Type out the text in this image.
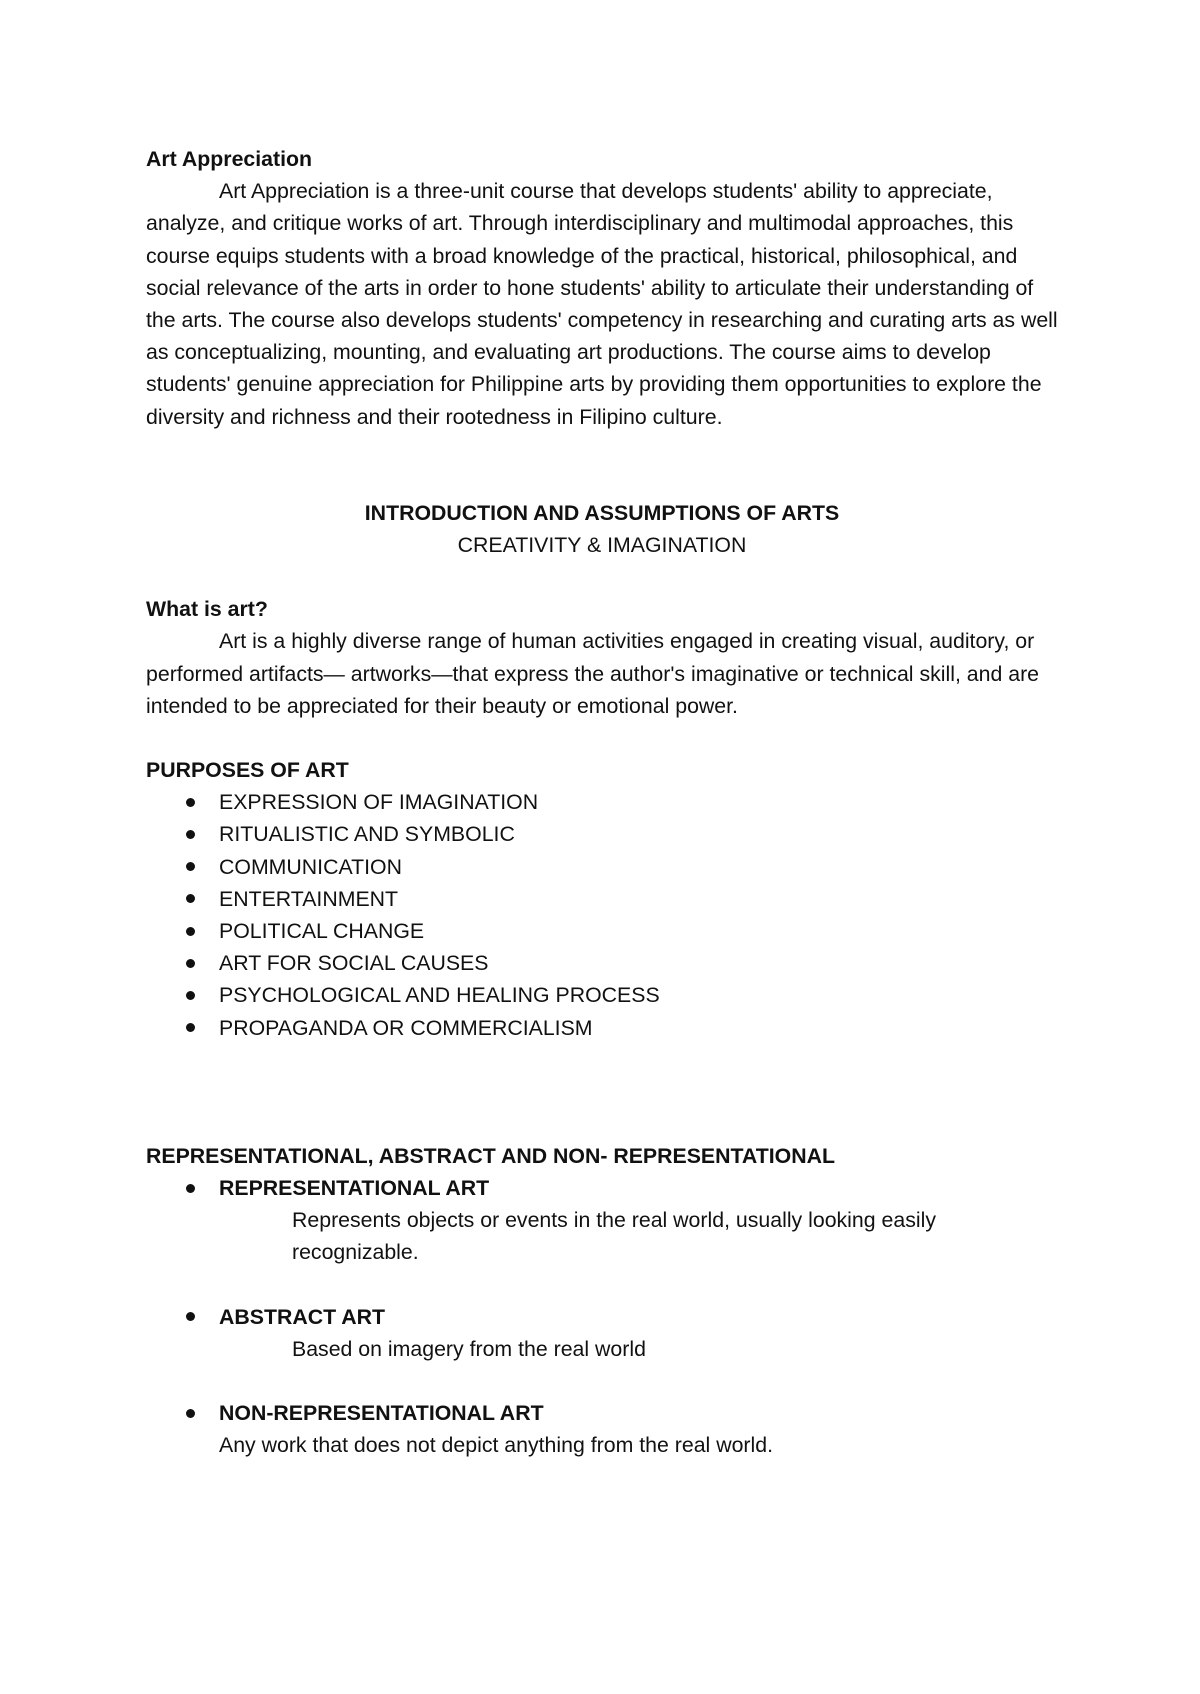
Art Appreciation

Art Appreciation is a three-unit course that develops students' ability to appreciate, analyze, and critique works of art. Through interdisciplinary and multimodal approaches, this course equips students with a broad knowledge of the practical, historical, philosophical, and social relevance of the arts in order to hone students' ability to articulate their understanding of the arts. The course also develops students' competency in researching and curating arts as well as conceptualizing, mounting, and evaluating art productions. The course aims to develop students' genuine appreciation for Philippine arts by providing them opportunities to explore the diversity and richness and their rootedness in Filipino culture.

INTRODUCTION AND ASSUMPTIONS OF ARTS

CREATIVITY & IMAGINATION

What is art?

Art is a highly diverse range of human activities engaged in creating visual, auditory, or performed artifacts— artworks—that express the author's imaginative or technical skill, and are intended to be appreciated for their beauty or emotional power.

PURPOSES OF ART

EXPRESSION OF IMAGINATION
RITUALISTIC AND SYMBOLIC
COMMUNICATION
ENTERTAINMENT
POLITICAL CHANGE
ART FOR SOCIAL CAUSES
PSYCHOLOGICAL AND HEALING PROCESS
PROPAGANDA OR COMMERCIALISM

REPRESENTATIONAL, ABSTRACT AND NON- REPRESENTATIONAL

REPRESENTATIONAL ART

Represents objects or events in the real world, usually looking easily recognizable.

ABSTRACT ART

Based on imagery from the real world

NON-REPRESENTATIONAL ART

Any work that does not depict anything from the real world.
